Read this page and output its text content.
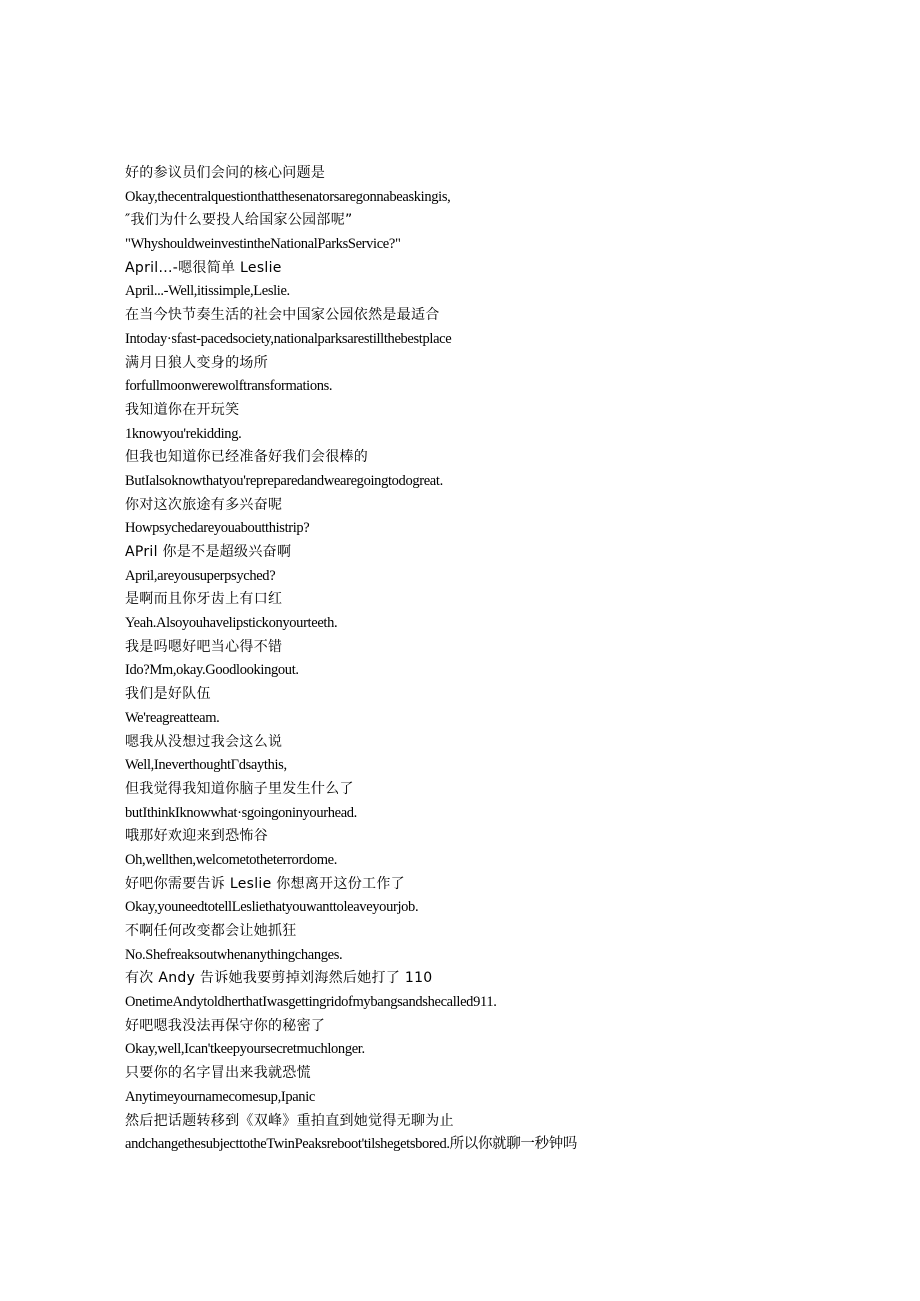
好的参议员们会问的核心问题是
Okay,thecentralquestionthatthesenatorsaregonnabeaskingis,
″我们为什么要投人给国家公园部呢”
"WhyshouldweinvestintheNationalParksService?"
April...-嗯很简单 Leslie
April...-Well,itissimple,Leslie.
在当今快节奏生活的社会中国家公园依然是最适合
Intoday·sfast-pacedsociety,nationalparksarestillthebestplace
满月日狼人变身的场所
forfullmoonwerewolftransformations.
我知道你在开玩笑
1knowyou'rekidding.
但我也知道你已经准备好我们会很棒的
ButIalsoknowthatyou'repreparedandwearegoingtodogreat.
你对这次旅途有多兴奋呢
Howpsychedareyouaboutthistrip?
APril 你是不是超级兴奋啊
April,areyousuperpsyched?
是啊而且你牙齿上有口红
Yeah.Alsoyouhavelipstickonyourteeth.
我是吗嗯好吧当心得不错
Ido?Mm,okay.Goodlookingout.
我们是好队伍
We'reagreatteam.
嗯我从没想过我会这么说
Well,IneverthoughtΓdsaythis,
但我觉得我知道你脑子里发生什么了
butIthinkIknowwhat·sgoingoninyourhead.
哦那好欢迎来到恐怖谷
Oh,wellthen,welcometotheterrordome.
好吧你需要告诉 Leslie 你想离开这份工作了
Okay,youneedtotellLesliethatyouwanttoleaveyourjob.
不啊任何改变都会让她抓狂
No.Shefreaksoutwhenanythingchanges.
有次 Andy 告诉她我要剪掉刘海然后她打了 110
OnetimeAndytoldherthatIwasgettingridofmybangsandshecalled911.
好吧嗯我没法再保守你的秘密了
Okay,well,Ican'tkeepyoursecretmuchlonger.
只要你的名字冒出来我就恐慌
Anytimeyournamecomesup,Ipanic
然后把话题转移到《双峰》重拍直到她觉得无聊为止
andchangethesubjecttotheTwinPeaksreboot'tilshegetsbored.所以你就聊一秒钟吗
